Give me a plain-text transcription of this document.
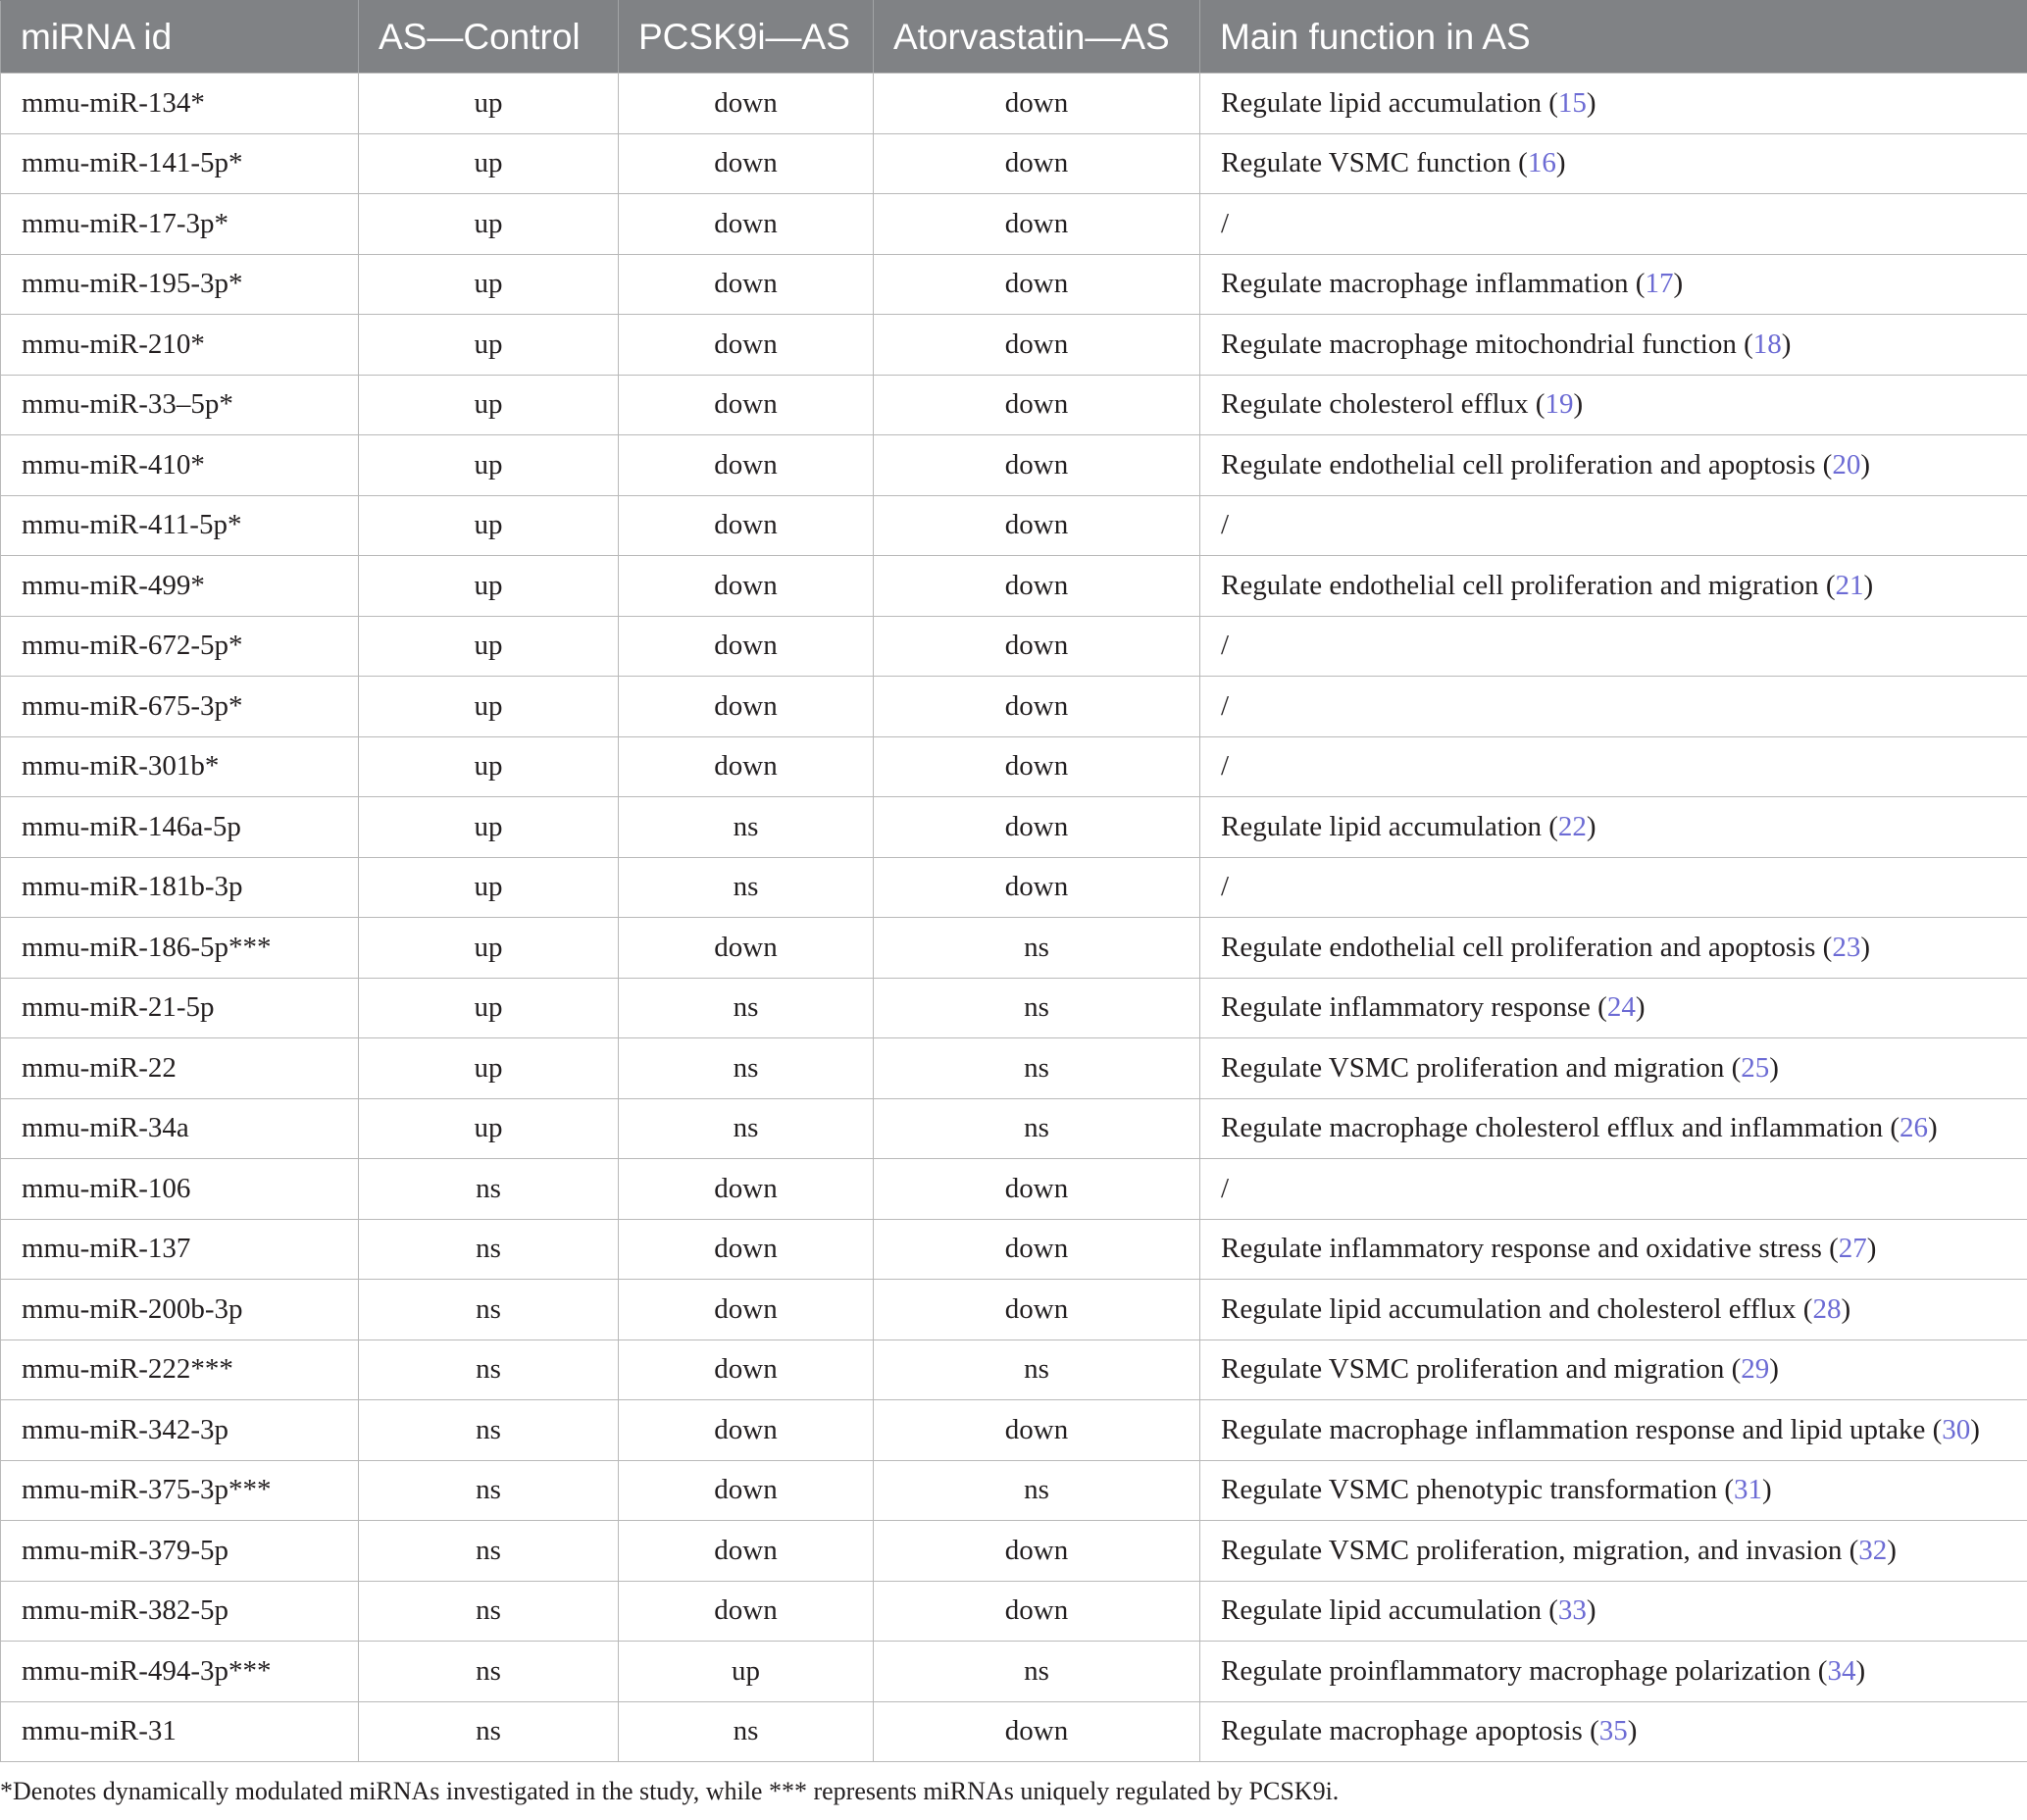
miRNA id	AS—Control	PCSK9i—AS	Atorvastatin—AS	Main function in AS
mmu-miR-134*	up	down	down	Regulate lipid accumulation ( 15 )
mmu-miR-141-5p*	up	down	down	Regulate VSMC function ( 16 )
mmu-miR-17-3p*	up	down	down	/
mmu-miR-195-3p*	up	down	down	Regulate macrophage inflammation ( 17 )
mmu-miR-210*	up	down	down	Regulate macrophage mitochondrial function ( 18 )
mmu-miR-33–5p*	up	down	down	Regulate cholesterol efflux ( 19 )
mmu-miR-410*	up	down	down	Regulate endothelial cell proliferation and apoptosis ( 20 )
mmu-miR-411-5p*	up	down	down	/
mmu-miR-499*	up	down	down	Regulate endothelial cell proliferation and migration ( 21 )
mmu-miR-672-5p*	up	down	down	/
mmu-miR-675-3p*	up	down	down	/
mmu-miR-301b*	up	down	down	/
mmu-miR-146a-5p	up	ns	down	Regulate lipid accumulation ( 22 )
mmu-miR-181b-3p	up	ns	down	/
mmu-miR-186-5p***	up	down	ns	Regulate endothelial cell proliferation and apoptosis ( 23 )
mmu-miR-21-5p	up	ns	ns	Regulate inflammatory response ( 24 )
mmu-miR-22	up	ns	ns	Regulate VSMC proliferation and migration ( 25 )
mmu-miR-34a	up	ns	ns	Regulate macrophage cholesterol efflux and inflammation ( 26 )
mmu-miR-106	ns	down	down	/
mmu-miR-137	ns	down	down	Regulate inflammatory response and oxidative stress ( 27 )
mmu-miR-200b-3p	ns	down	down	Regulate lipid accumulation and cholesterol efflux ( 28 )
mmu-miR-222***	ns	down	ns	Regulate VSMC proliferation and migration ( 29 )
mmu-miR-342-3p	ns	down	down	Regulate macrophage inflammation response and lipid uptake ( 30 )
mmu-miR-375-3p***	ns	down	ns	Regulate VSMC phenotypic transformation ( 31 )
mmu-miR-379-5p	ns	down	down	Regulate VSMC proliferation, migration, and invasion ( 32 )
mmu-miR-382-5p	ns	down	down	Regulate lipid accumulation ( 33 )
mmu-miR-494-3p***	ns	up	ns	Regulate proinflammatory macrophage polarization ( 34 )
mmu-miR-31	ns	ns	down	Regulate macrophage apoptosis ( 35 )
*Denotes dynamically modulated miRNAs investigated in the study, while *** represents miRNAs uniquely regulated by PCSK9i.
